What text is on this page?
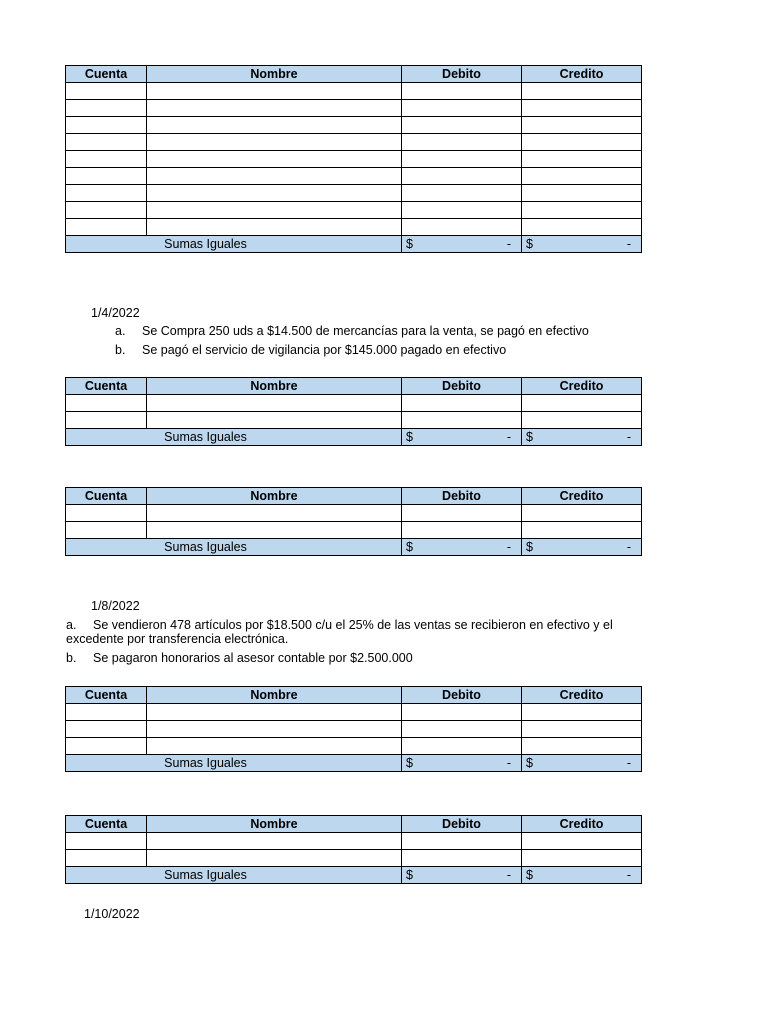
Cuenta	Nombre	Debito	Credito

Sumas Iguales		$ -	$ -
1/4/2022
a. Se Compra 250 uds a $14.500 de mercancías para la venta, se pagó en efectivo
b. Se pagó el servicio de vigilancia por $145.000 pagado en efectivo
Cuenta	Nombre	Debito	Credito

Sumas Iguales		$ -	$ -
Cuenta	Nombre	Debito	Credito

Sumas Iguales		$ -	$ -
1/8/2022
a. Se vendieron 478 artículos por $18.500 c/u el 25% de las ventas se recibieron en efectivo y el
excedente por transferencia electrónica.
b. Se pagaron honorarios al asesor contable por $2.500.000
Cuenta	Nombre	Debito	Credito

Sumas Iguales		$ -	$ -
Cuenta	Nombre	Debito	Credito

Sumas Iguales		$ -	$ -
1/10/2022
